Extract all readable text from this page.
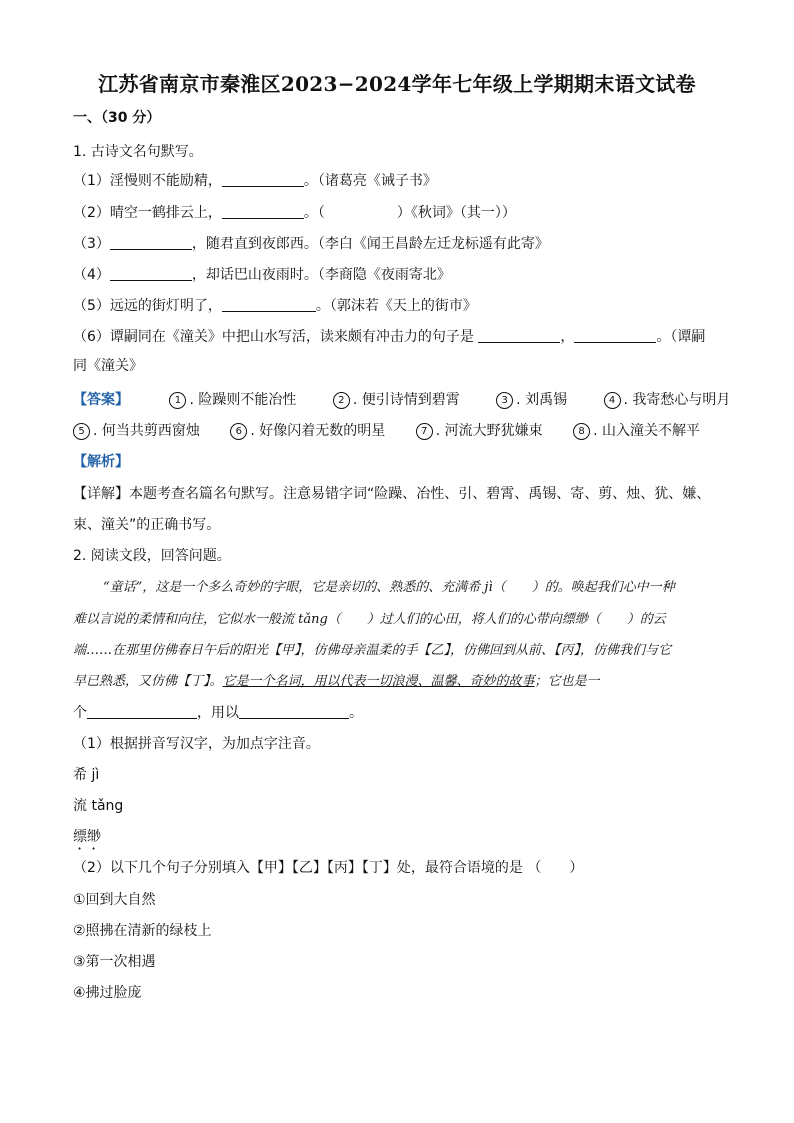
江苏省南京市秦淮区2023−2024学年七年级上学期期末语文试卷
一、（30 分）
1. 古诗文名句默写。
（1）淫慢则不能励精，	。（诸葛亮《诫子书》
（2）晴空一鹤排云上，	。（	）《秋词》（其一））
（3）	，随君直到夜郎西。（李白《闻王昌龄左迁龙标遥有此寄》
（4）	，却话巴山夜雨时。（李商隐《夜雨寄北》
（5）远远的街灯明了，	。（郭沫若《天上的街市》
（6）谭嗣同在《潼关》中把山水写活，读来颇有冲击力的句子是	，	。（谭嗣
同《潼关》
【答案】	1 . 险躁则不能冶性	2 . 便引诗情到碧霄	3 . 刘禹锡	4 . 我寄愁心与明月
5 . 何当共剪西窗烛	6 . 好像闪着无数的明星	7 . 河流大野犹嫌束	8 . 山入潼关不解平
【解析】
【详解】本题考查名篇名句默写。注意易错字词“险躁、冶性、引、碧霄、禹锡、寄、剪、烛、犹、嫌、
束、潼关”的正确书写。
2. 阅读文段，回答问题。
“童话”，这是一个多么奇妙的字眼，它是亲切的、熟悉的、充满希 jì（　　）的。唤起我们心中一种
难以言说的柔情和向往，它似水一般流 tǎng（　　）过人们的心田，将人们的心带向缥缈（　　）的云
端……在那里仿佛春日午后的阳光【甲】，仿佛母亲温柔的手【乙】，仿佛回到从前、【丙】，仿佛我们与它
早已熟悉，又仿佛【丁】。它是一个名词，用以代表一切浪漫、温馨、奇妙的故事；它也是一
个	，用以	。
（1）根据拼音写汉字，为加点字注音。
希 jì
流 tǎng
缥缈
（2）以下几个句子分别填入【甲】【乙】【丙】【丁】处，最符合语境的是 （　　）
①回到大自然
②照拂在清新的绿枝上
③第一次相遇
④拂过脸庞
